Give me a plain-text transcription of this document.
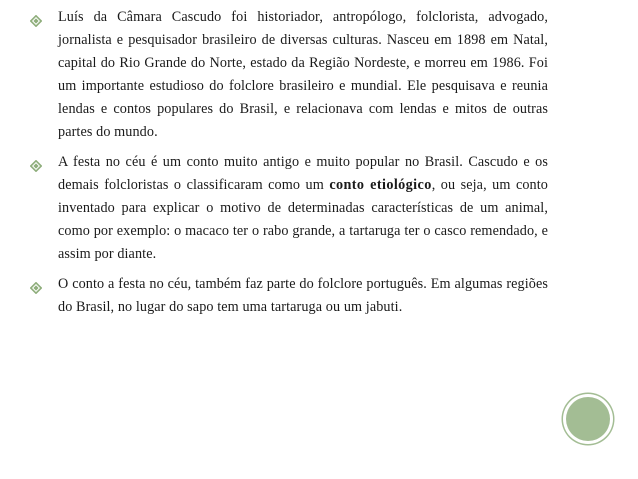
Luís da Câmara Cascudo foi historiador, antropólogo, folclorista, advogado, jornalista e pesquisador brasileiro de diversas culturas. Nasceu em 1898 em Natal, capital do Rio Grande do Norte, estado da Região Nordeste, e morreu em 1986. Foi um importante estudioso do folclore brasileiro e mundial. Ele pesquisava e reunia lendas e contos populares do Brasil, e relacionava com lendas e mitos de outras partes do mundo.

A festa no céu é um conto muito antigo e muito popular no Brasil. Cascudo e os demais folcloristas o classificaram como um conto etiológico, ou seja, um conto inventado para explicar o motivo de determinadas características de um animal, como por exemplo: o macaco ter o rabo grande, a tartaruga ter o casco remendado, e assim por diante.

O conto a festa no céu, também faz parte do folclore português. Em algumas regiões do Brasil, no lugar do sapo tem uma tartaruga ou um jabuti.
